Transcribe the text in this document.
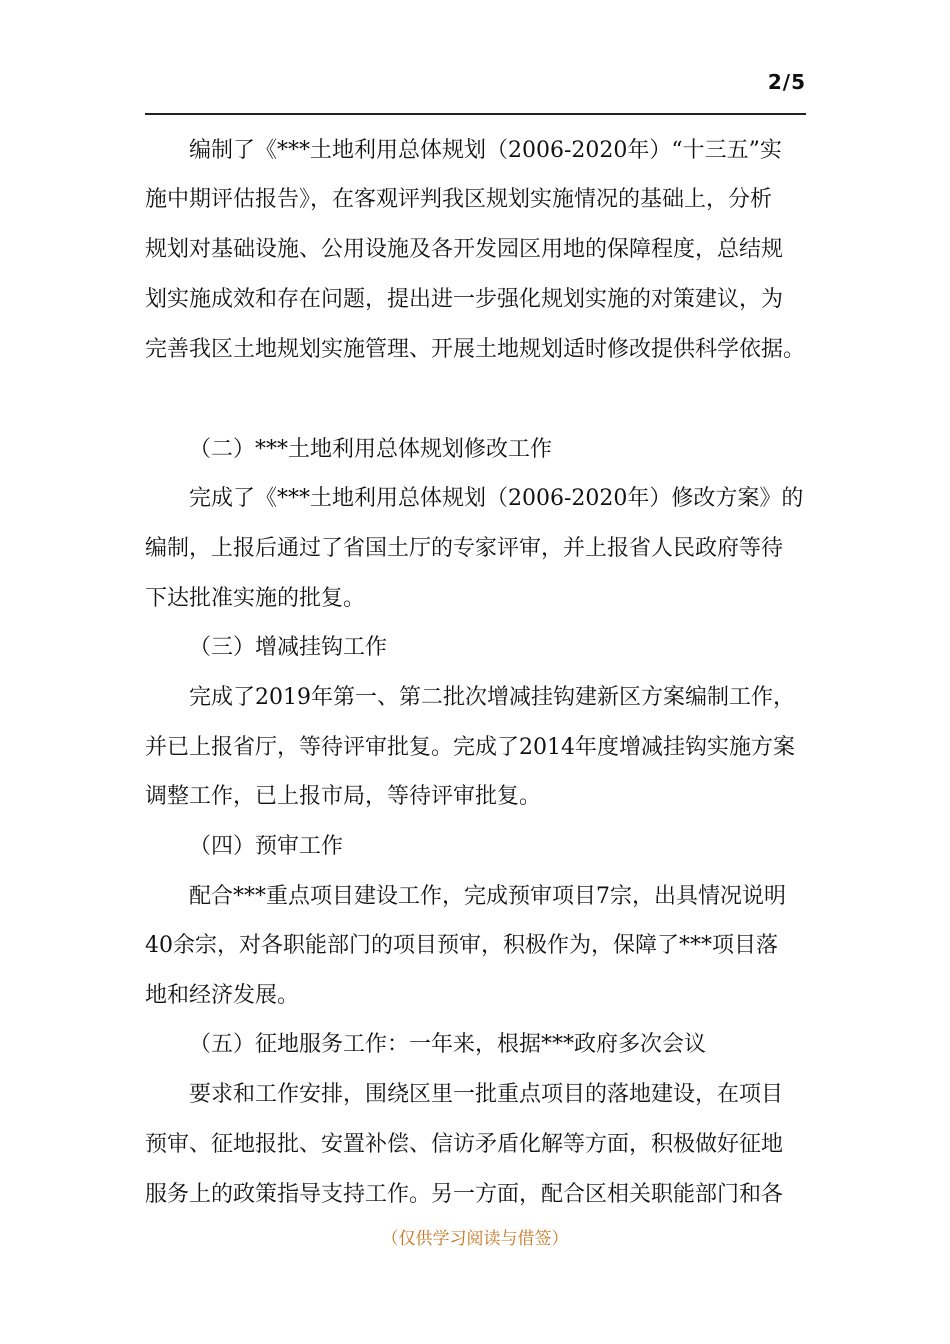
2/5
编制了《***土地利用总体规划（2006-2020年）“十三五”实
施中期评估报告》，在客观评判我区规划实施情况的基础上，分析
规划对基础设施、公用设施及各开发园区用地的保障程度，总结规
划实施成效和存在问题，提出进一步强化规划实施的对策建议，为
完善我区土地规划实施管理、开展土地规划适时修改提供科学依据。
（二）***土地利用总体规划修改工作
完成了《***土地利用总体规划（2006-2020年）修改方案》的
编制，上报后通过了省国土厅的专家评审，并上报省人民政府等待
下达批准实施的批复。
（三）增减挂钩工作
完成了2019年第一、第二批次增减挂钩建新区方案编制工作，
并已上报省厅，等待评审批复。完成了2014年度增减挂钩实施方案
调整工作，已上报市局，等待评审批复。
（四）预审工作
配合***重点项目建设工作，完成预审项目7宗，出具情况说明
40余宗，对各职能部门的项目预审，积极作为，保障了***项目落
地和经济发展。
（五）征地服务工作：一年来，根据***政府多次会议
要求和工作安排，围绕区里一批重点项目的落地建设，在项目
预审、征地报批、安置补偿、信访矛盾化解等方面，积极做好征地
服务上的政策指导支持工作。另一方面，配合区相关职能部门和各
（仅供学习阅读与借签）
